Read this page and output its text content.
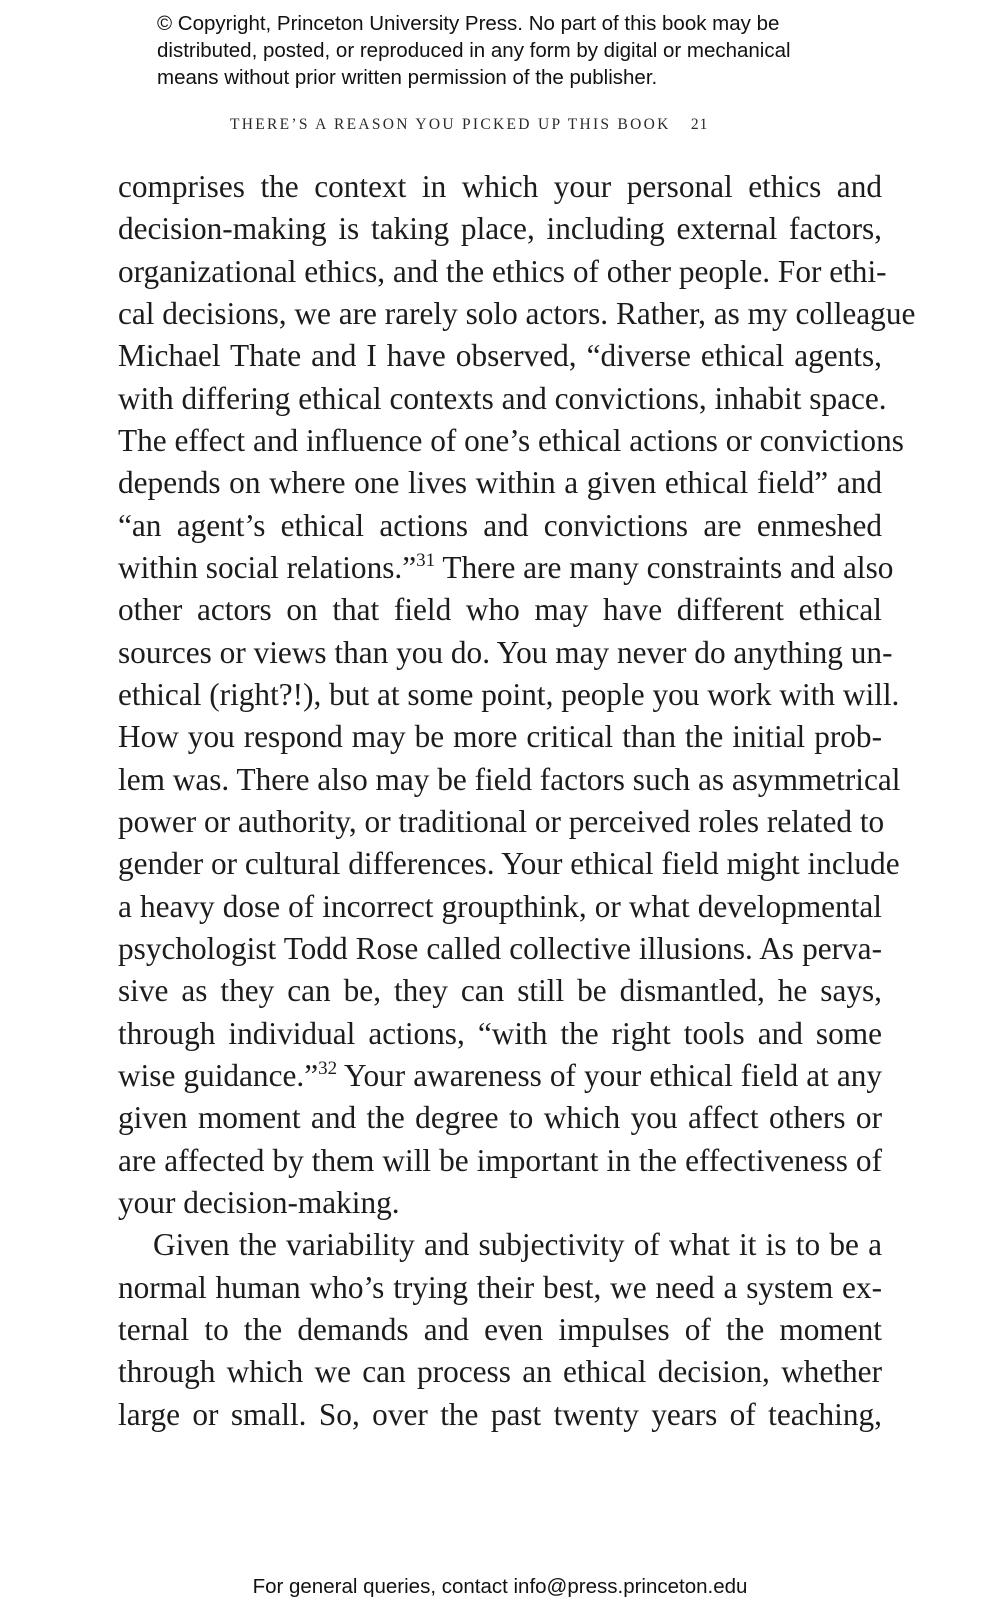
© Copyright, Princeton University Press. No part of this book may be
distributed, posted, or reproduced in any form by digital or mechanical
means without prior written permission of the publisher.
THERE’S A REASON YOU PICKED UP THIS BOOK 21
comprises the context in which your personal ethics and
decision-making is taking place, including external factors,
organizational ethics, and the ethics of other people. For ethi-
cal decisions, we are rarely solo actors. Rather, as my colleague
Michael Thate and I have observed, “diverse ethical agents,
with differing ethical contexts and convictions, inhabit space.
The effect and influence of one’s ethical actions or convictions
depends on where one lives within a given ethical field” and
“an agent’s ethical actions and convictions are enmeshed
within social relations.”$^{31}$ There are many constraints and also
other actors on that field who may have different ethical
sources or views than you do. You may never do anything un-
ethical (right?!), but at some point, people you work with will.
How you respond may be more critical than the initial prob-
lem was. There also may be field factors such as asymmetrical
power or authority, or traditional or perceived roles related to
gender or cultural differences. Your ethical field might include
a heavy dose of incorrect groupthink, or what developmental
psychologist Todd Rose called collective illusions. As perva-
sive as they can be, they can still be dismantled, he says,
through individual actions, “with the right tools and some
wise guidance.”$^{32}$ Your awareness of your ethical field at any
given moment and the degree to which you affect others or
are affected by them will be important in the effectiveness of
your decision-making.
Given the variability and subjectivity of what it is to be a
normal human who’s trying their best, we need a system ex-
ternal to the demands and even impulses of the moment
through which we can process an ethical decision, whether
large or small. So, over the past twenty years of teaching,
For general queries, contact info@press.princeton.edu
